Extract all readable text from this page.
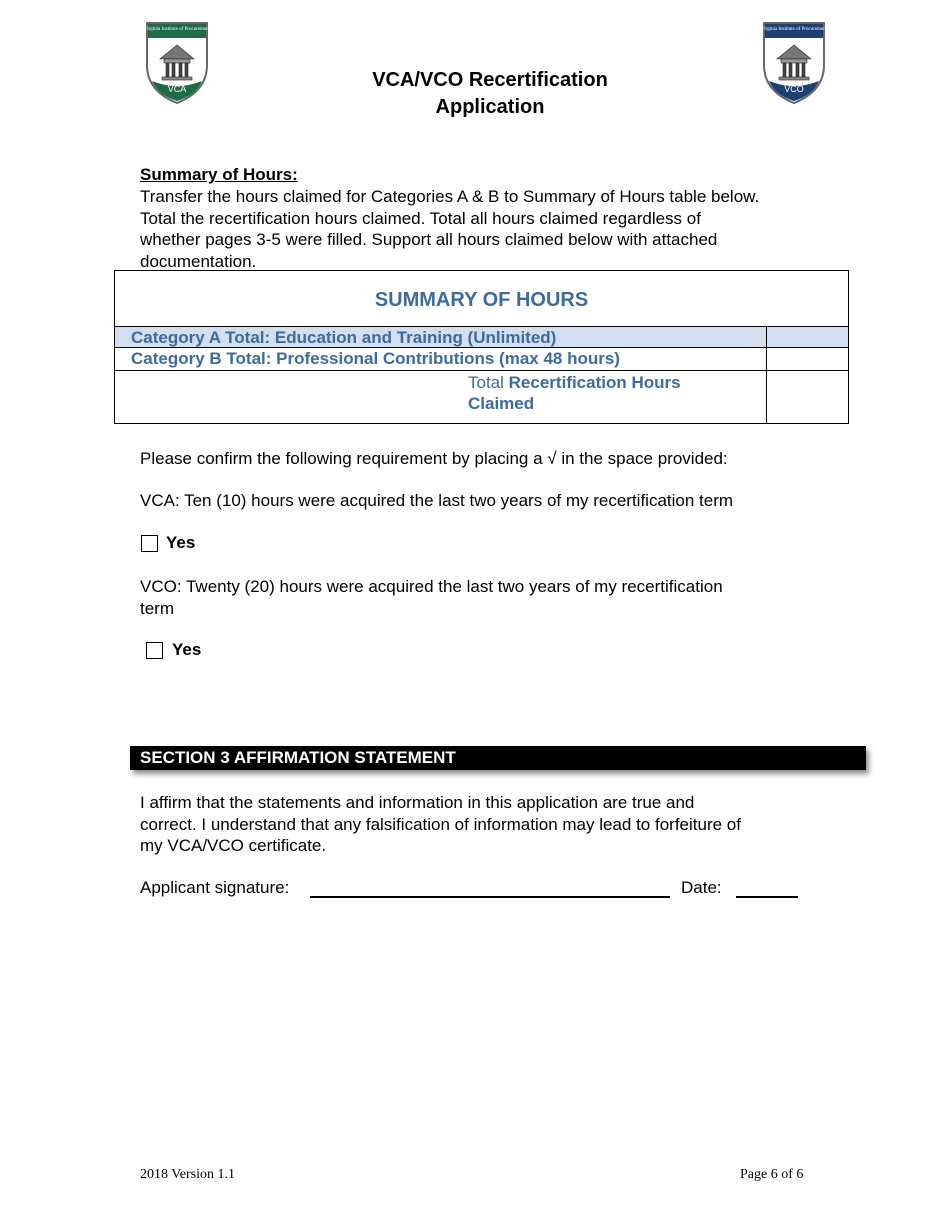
Virginia Institute of Procurement
VCA
Virginia Institute of Procurement
VCO
VCA/VCO Recertification
Application
Summary of Hours:
Transfer the hours claimed for Categories A & B to Summary of Hours table below.
Total the recertification hours claimed. Total all hours claimed regardless of
whether pages 3-5 were filled. Support all hours claimed below with attached
documentation.
SUMMARY OF HOURS
Category A Total: Education and Training (Unlimited)
Category B Total: Professional Contributions (max 48 hours)
Total Recertification Hours Claimed
Please confirm the following requirement by placing a √ in the space provided:
VCA: Ten (10) hours were acquired the last two years of my recertification term
Yes
VCO: Twenty (20) hours were acquired the last two years of my recertification
term
Yes
SECTION 3 AFFIRMATION STATEMENT
I affirm that the statements and information in this application are true and
correct. I understand that any falsification of information may lead to forfeiture of
my VCA/VCO certificate.
Applicant signature:	Date:
2018 Version 1.1	Page 6 of 6
